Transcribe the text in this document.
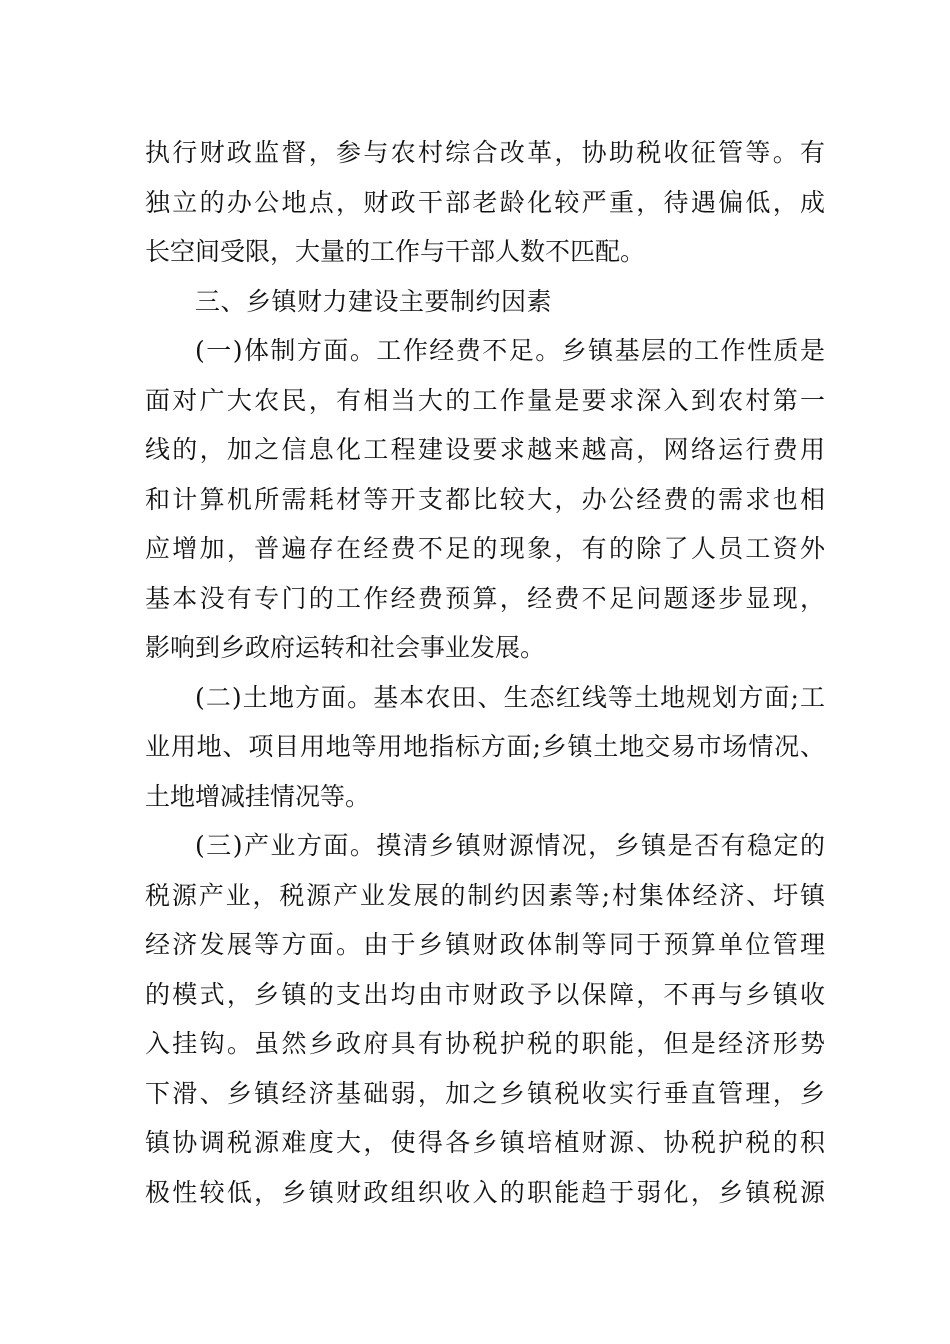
执行财政监督，参与农村综合改革，协助税收征管等。有
独立的办公地点，财政干部老龄化较严重，待遇偏低，成
长空间受限，大量的工作与干部人数不匹配。
三、乡镇财力建设主要制约因素
(一)体制方面。工作经费不足。乡镇基层的工作性质是
面对广大农民，有相当大的工作量是要求深入到农村第一
线的，加之信息化工程建设要求越来越高，网络运行费用
和计算机所需耗材等开支都比较大，办公经费的需求也相
应增加，普遍存在经费不足的现象，有的除了人员工资外
基本没有专门的工作经费预算，经费不足问题逐步显现，
影响到乡政府运转和社会事业发展。
(二)土地方面。基本农田、生态红线等土地规划方面;工
业用地、项目用地等用地指标方面;乡镇土地交易市场情况、
土地增减挂情况等。
(三)产业方面。摸清乡镇财源情况，乡镇是否有稳定的
税源产业，税源产业发展的制约因素等;村集体经济、圩镇
经济发展等方面。由于乡镇财政体制等同于预算单位管理
的模式，乡镇的支出均由市财政予以保障，不再与乡镇收
入挂钩。虽然乡政府具有协税护税的职能，但是经济形势
下滑、乡镇经济基础弱，加之乡镇税收实行垂直管理，乡
镇协调税源难度大，使得各乡镇培植财源、协税护税的积
极性较低，乡镇财政组织收入的职能趋于弱化，乡镇税源
